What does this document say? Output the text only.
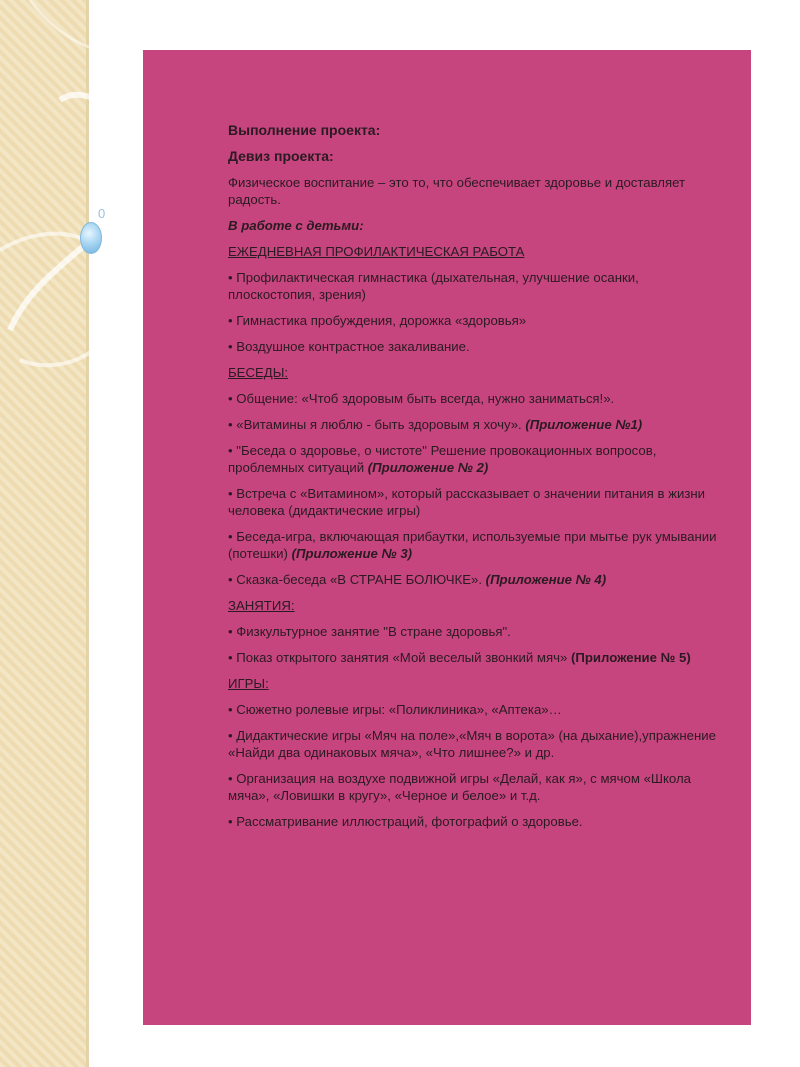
0

Выполнение проекта:

Девиз проекта:

Физическое воспитание – это то, что обеспечивает здоровье и доставляет радость.

В работе с детьми:

ЕЖЕДНЕВНАЯ ПРОФИЛАКТИЧЕСКАЯ РАБОТА

• Профилактическая гимнастика (дыхательная, улучшение осанки, плоскостопия, зрения)

• Гимнастика пробуждения, дорожка «здоровья»

• Воздушное контрастное закаливание.

БЕСЕДЫ:

• Общение: «Чтоб здоровым быть всегда, нужно заниматься!».

• «Витамины я люблю - быть здоровым я хочу». (Приложение №1)

• "Беседа о здоровье, о чистоте" Решение провокационных вопросов, проблемных ситуаций (Приложение № 2)

• Встреча с «Витамином», который рассказывает о значении питания в жизни человека (дидактические игры)

• Беседа-игра, включающая прибаутки, используемые при мытье рук умывании (потешки) (Приложение № 3)

• Сказка-беседа «В СТРАНЕ БОЛЮЧКЕ». (Приложение № 4)

ЗАНЯТИЯ:

• Физкультурное занятие "В стране здоровья".

• Показ открытого занятия «Мой веселый звонкий мяч» (Приложение № 5)

ИГРЫ:

• Сюжетно ролевые игры: «Поликлиника», «Аптека»…

• Дидактические игры «Мяч на поле»,«Мяч в ворота» (на дыхание),упражнение «Найди два одинаковых мяча», «Что лишнее?» и др.

• Организация на воздухе подвижной игры «Делай, как я», с мячом «Школа мяча», «Ловишки в кругу», «Черное и белое» и т.д.

• Рассматривание иллюстраций, фотографий о здоровье.
